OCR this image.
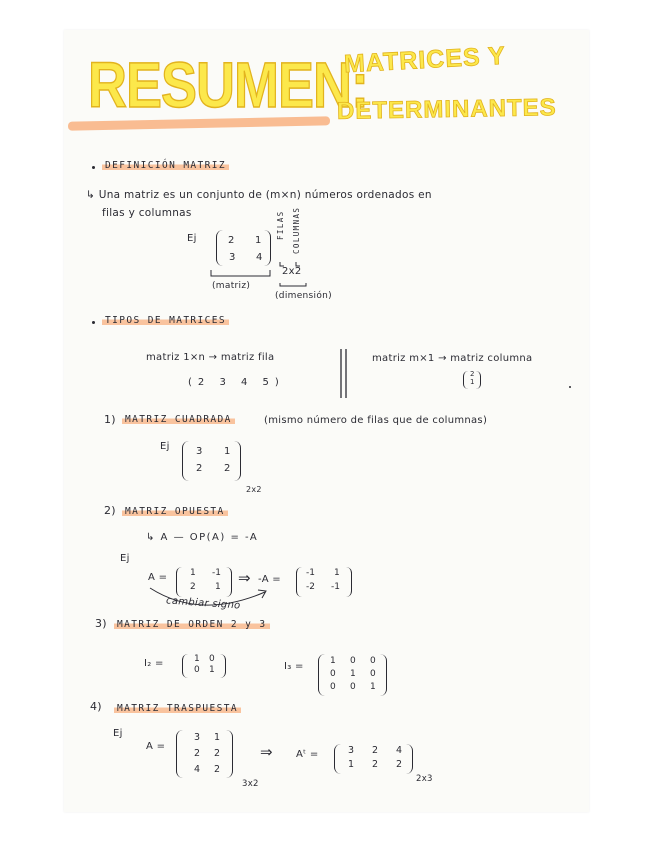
RESUMEN:
MATRICES Y
DETERMINANTES
DEFINICIÓN MATRIZ
↳ Una matriz es un conjunto de (m×n) números ordenados en
filas y columnas
Ej	2 1
3 4
FILAS COLUMNAS
2x2
(matriz)
(dimensión)
TIPOS DE MATRICES
matriz 1×n → matriz fila
(2 3 4 5)
matriz m×1 → matriz columna
2
1
1) MATRIZ CUADRADA	(mismo número de filas que de columnas)
Ej	3 1
2 2
2x2
2) MATRIZ OPUESTA
↳ A — OP(A) = -A
Ej
A =	1 -1
2 1 ⇒ -A =
-1 1
-2 -1
cambiar signo
3)	MATRIZ DE ORDEN 2 y 3
I₂ =	1 0
0 1	I₃ =	1 0 0
0 1 0
0 0 1
4)	MATRIZ TRASPUESTA
Ej
A =
3 1
2 2
4 2
3x2
⇒ Aᵗ =	3 2 4
1 2 2
2x3
